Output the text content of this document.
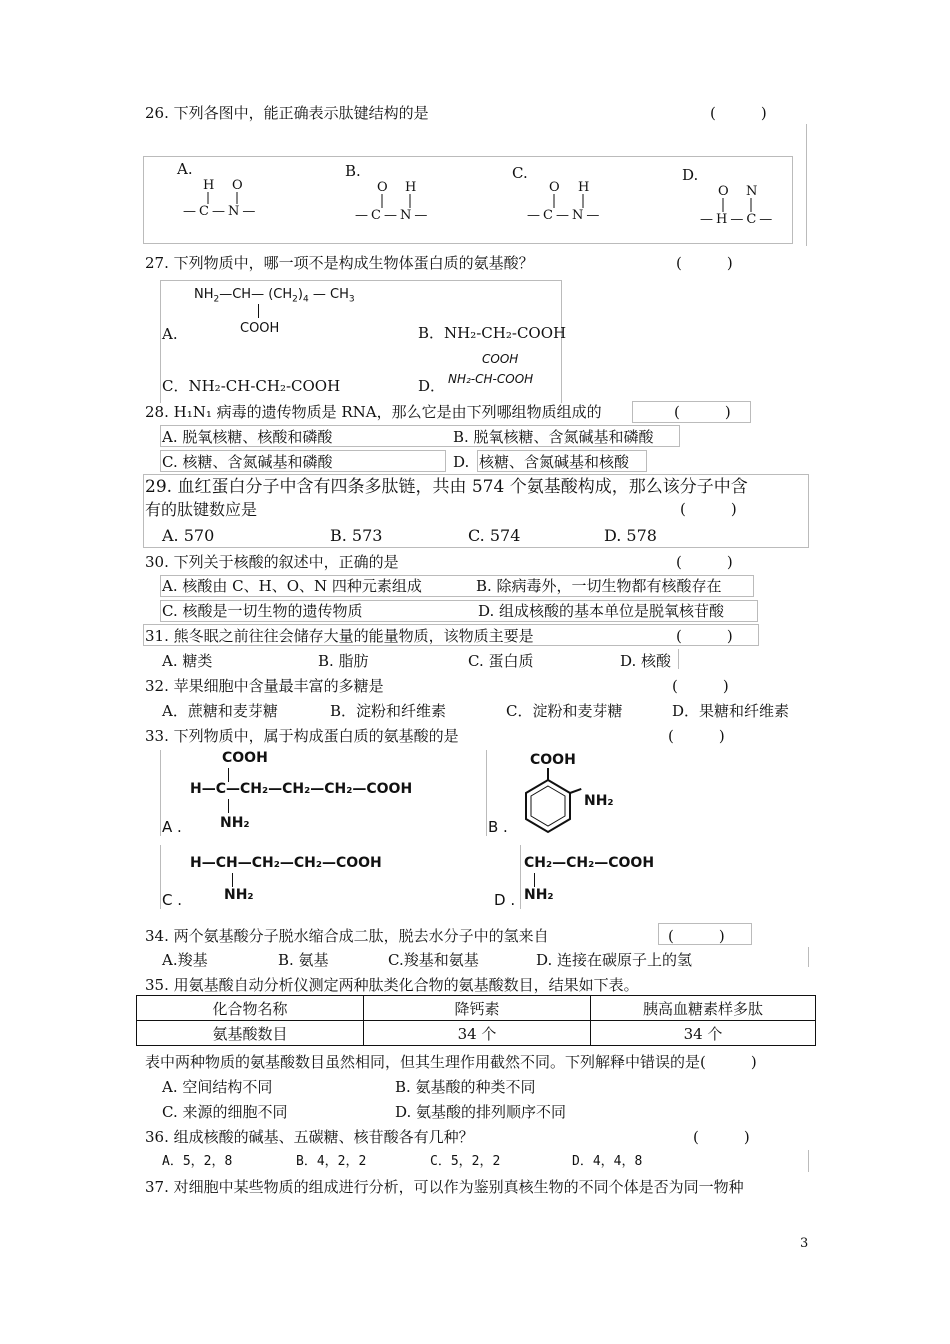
26. 下列各图中，能正确表示肽键结构的是	(　　　)
A.
H O
—C—N—
B.
O H
—C—N—
C.
O H
—C—N—
D.
O N
—H—C—
27. 下列物质中，哪一项不是构成生物体蛋白质的氨基酸？	(　　　)
$NH_2—CH—$ $(CH_2)_4$ — $CH_3$
COOH
A.	B．NH₂-CH₂-COOH
C．NH₂-CH-CH₂-COOH	D．
COOH
NH₂-CH-COOH
28. H₁N₁ 病毒的遗传物质是 RNA，那么它是由下列哪组物质组成的	(　　　)
A. 脱氧核糖、核酸和磷酸	B. 脱氧核糖、含氮碱基和磷酸
C. 核糖、含氮碱基和磷酸	D. 核糖、含氮碱基和核酸
29. 血红蛋白分子中含有四条多肽链，共由 574 个氨基酸构成，那么该分子中含
有的肽键数应是	(　　　)
A. 570	B. 573	C. 574	D. 578
30. 下列关于核酸的叙述中，正确的是	(　　　)
A. 核酸由 C、H、O、N 四种元素组成	B. 除病毒外，一切生物都有核酸存在
C. 核酸是一切生物的遗传物质	D. 组成核酸的基本单位是脱氧核苷酸
31. 熊冬眠之前往往会储存大量的能量物质，该物质主要是	(　　　)
A. 糖类	B. 脂肪	C. 蛋白质	D. 核酸
32. 苹果细胞中含量最丰富的多糖是	(　　　)
A．蔗糖和麦芽糖	B．淀粉和纤维素	C．淀粉和麦芽糖	D．果糖和纤维素
33. 下列物质中，属于构成蛋白质的氨基酸的是	(　　　)
COOH
H—C—CH₂—CH₂—CH₂—COOH
NH₂
A .	B .
COOH
NH₂
H—CH—CH₂—CH₂—COOH
NH₂
C .
CH₂—CH₂—COOH
NH₂
D .
34. 两个氨基酸分子脱水缩合成二肽，脱去水分子中的氢来自	(　　　)
A.羧基	B. 氨基	C.羧基和氨基	D. 连接在碳原子上的氢
35. 用氨基酸自动分析仪测定两种肽类化合物的氨基酸数目，结果如下表。
化合物名称	降钙素	胰高血糖素样多肽
氨基酸数目	34 个	34 个
表中两种物质的氨基酸数目虽然相同，但其生理作用截然不同。下列解释中错误的是(　　　)
A. 空间结构不同	B. 氨基酸的种类不同
C. 来源的细胞不同	D. 氨基酸的排列顺序不同
36. 组成核酸的碱基、五碳糖、核苷酸各有几种？	(　　　)
A．5，2，8	B．4，2，2	C．5，2，2	D．4，4，8
37. 对细胞中某些物质的组成进行分析，可以作为鉴别真核生物的不同个体是否为同一物种
3
